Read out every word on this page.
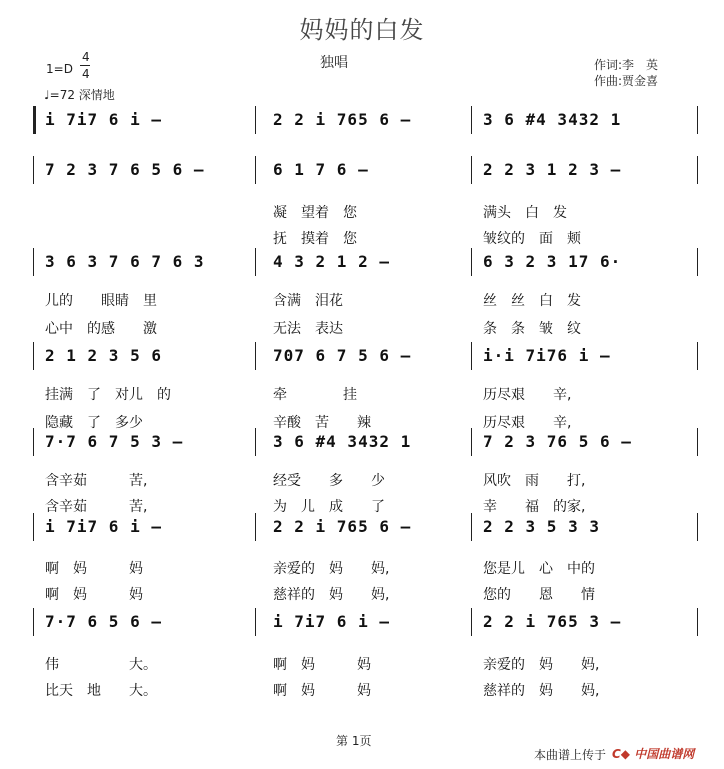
妈妈的白发
1=D
4
4
♩=72 深情地
独唱	作词:李　英
作曲:贾金喜
i 7i7 6 i –	2 2 i 765 6 –	3 6 #4 3432 1
7 2 3 7 6 5 6 –	6 1 7 6 –	2 2 3 1 2 3 –
3 6 3 7 6 7 6 3	4 3 2 1 2 –	6 3 2 3 17 6·
2 1 2 3 5 6	707 6 7 5 6 –	i·i 7i76 i –
7·7 6 7 5 3 –	3 6 #4 3432 1	7 2 3 76 5 6 –
i 7i7 6 i –	2 2 i 765 6 –	2 2 3 5 3 3
7·7 6 5 6 –	i 7i7 6 i –	2 2 i 765 3 –
凝　望着　您	满头　白　发
抚　摸着　您	皱纹的　面　颊
儿的　　眼睛　里	含满　泪花	丝　丝　白　发
心中　的感　　激	无法　表达	条　条　皱　纹
挂满　了　对儿　的	牵　　　　挂	历尽艰　　辛,
隐藏　了　多少	辛酸　苦　　辣	历尽艰　　辛,
含辛茹　　　苦,	经受　　多　　少	风吹　雨　　打,
含辛茹　　　苦,	为　儿　成　　了	幸　　福　的家,
啊　妈　　　妈	亲爱的　妈　　妈,	您是儿　心　中的
啊　妈　　　妈	慈祥的　妈　　妈,	您的　　恩　　情
伟　　　　　大。	啊　妈　　　妈	亲爱的　妈　　妈,
比天　地　　大。	啊　妈　　　妈	慈祥的　妈　　妈,
第 1页
本曲谱上传于 C◆ 中国曲谱网
